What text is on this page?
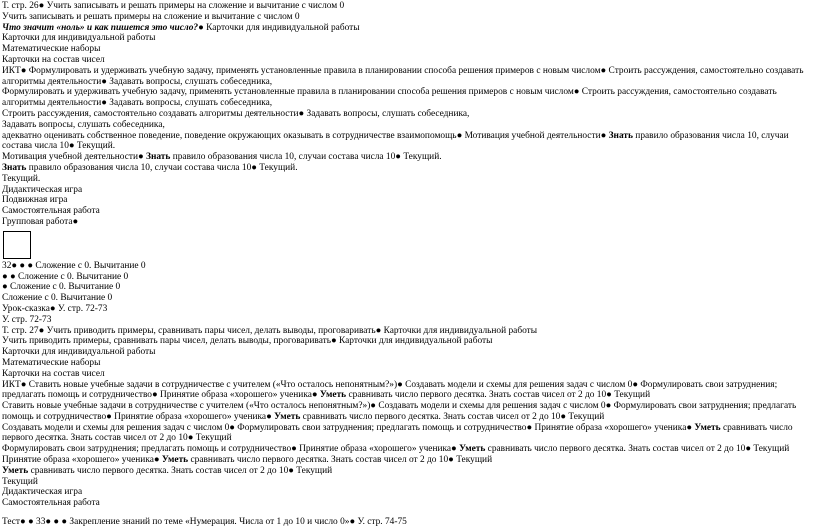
Т. стр. 26● Учить записывать и решать примеры на сложение и вычитание с числом 0
Учить записывать и решать примеры на сложение и вычитание с числом 0
Что значит «ноль» и как пишется это число?● Карточки для индивидуальной работы
Карточки для индивидуальной работы
Математические наборы
Карточки на состав чисел
ИКТ● Формулировать и удерживать учебную задачу, применять установленные правила в планировании способа решения примеров с новым числом● Строить рассуждения, самостоятельно создавать алгоритмы деятельности● Задавать вопросы, слушать собеседника,
Формулировать и удерживать учебную задачу, применять установленные правила в планировании способа решения примеров с новым числом● Строить рассуждения, самостоятельно создавать алгоритмы деятельности● Задавать вопросы, слушать собеседника,
Строить рассуждения, самостоятельно создавать алгоритмы деятельности● Задавать вопросы, слушать собеседника,
Задавать вопросы, слушать собеседника,
адекватно оценивать собственное поведение, поведение окружающих оказывать в сотрудничестве взаимопомощь● Мотивация учебной деятельности● Знать правило образования числа 10, случаи состава числа 10● Текущий.
Мотивация учебной деятельности● Знать правило образования числа 10, случаи состава числа 10● Текущий.
Знать правило образования числа 10, случаи состава числа 10● Текущий.
Текущий.
Дидактическая игра
Подвижная игра
Самостоятельная работа
Групповая работа●
32● ● ● Сложение с 0. Вычитание 0
● ● Сложение с 0. Вычитание 0
● Сложение с 0. Вычитание 0
Сложение с 0. Вычитание 0
Урок-сказка● У. стр. 72-73
У. стр. 72-73
Т. стр. 27● Учить приводить примеры, сравнивать пары чисел, делать выводы, проговаривать● Карточки для индивидуальной работы
Учить приводить примеры, сравнивать пары чисел, делать выводы, проговаривать● Карточки для индивидуальной работы
Карточки для индивидуальной работы
Математические наборы
Карточки на состав чисел
ИКТ● Ставить новые учебные задачи в сотрудничестве с учителем («Что осталось непонятным?»)● Создавать модели и схемы для решения задач с числом 0● Формулировать свои затруднения; предлагать помощь и сотрудничество● Принятие образа «хорошего» ученика● Уметь сравнивать число первого десятка. Знать состав чисел от 2 до 10● Текущий
Ставить новые учебные задачи в сотрудничестве с учителем («Что осталось непонятным?»)● Создавать модели и схемы для решения задач с числом 0● Формулировать свои затруднения; предлагать помощь и сотрудничество● Принятие образа «хорошего» ученика● Уметь сравнивать число первого десятка. Знать состав чисел от 2 до 10● Текущий
Создавать модели и схемы для решения задач с числом 0● Формулировать свои затруднения; предлагать помощь и сотрудничество● Принятие образа «хорошего» ученика● Уметь сравнивать число первого десятка. Знать состав чисел от 2 до 10● Текущий
Формулировать свои затруднения; предлагать помощь и сотрудничество● Принятие образа «хорошего» ученика● Уметь сравнивать число первого десятка. Знать состав чисел от 2 до 10● Текущий
Принятие образа «хорошего» ученика● Уметь сравнивать число первого десятка. Знать состав чисел от 2 до 10● Текущий
Уметь сравнивать число первого десятка. Знать состав чисел от 2 до 10● Текущий
Текущий
Дидактическая игра
Самостоятельная работа
Тест● ● 33● ● ● Закрепление знаний по теме «Нумерация. Числа от 1 до 10 и число 0»● У. стр. 74-75
